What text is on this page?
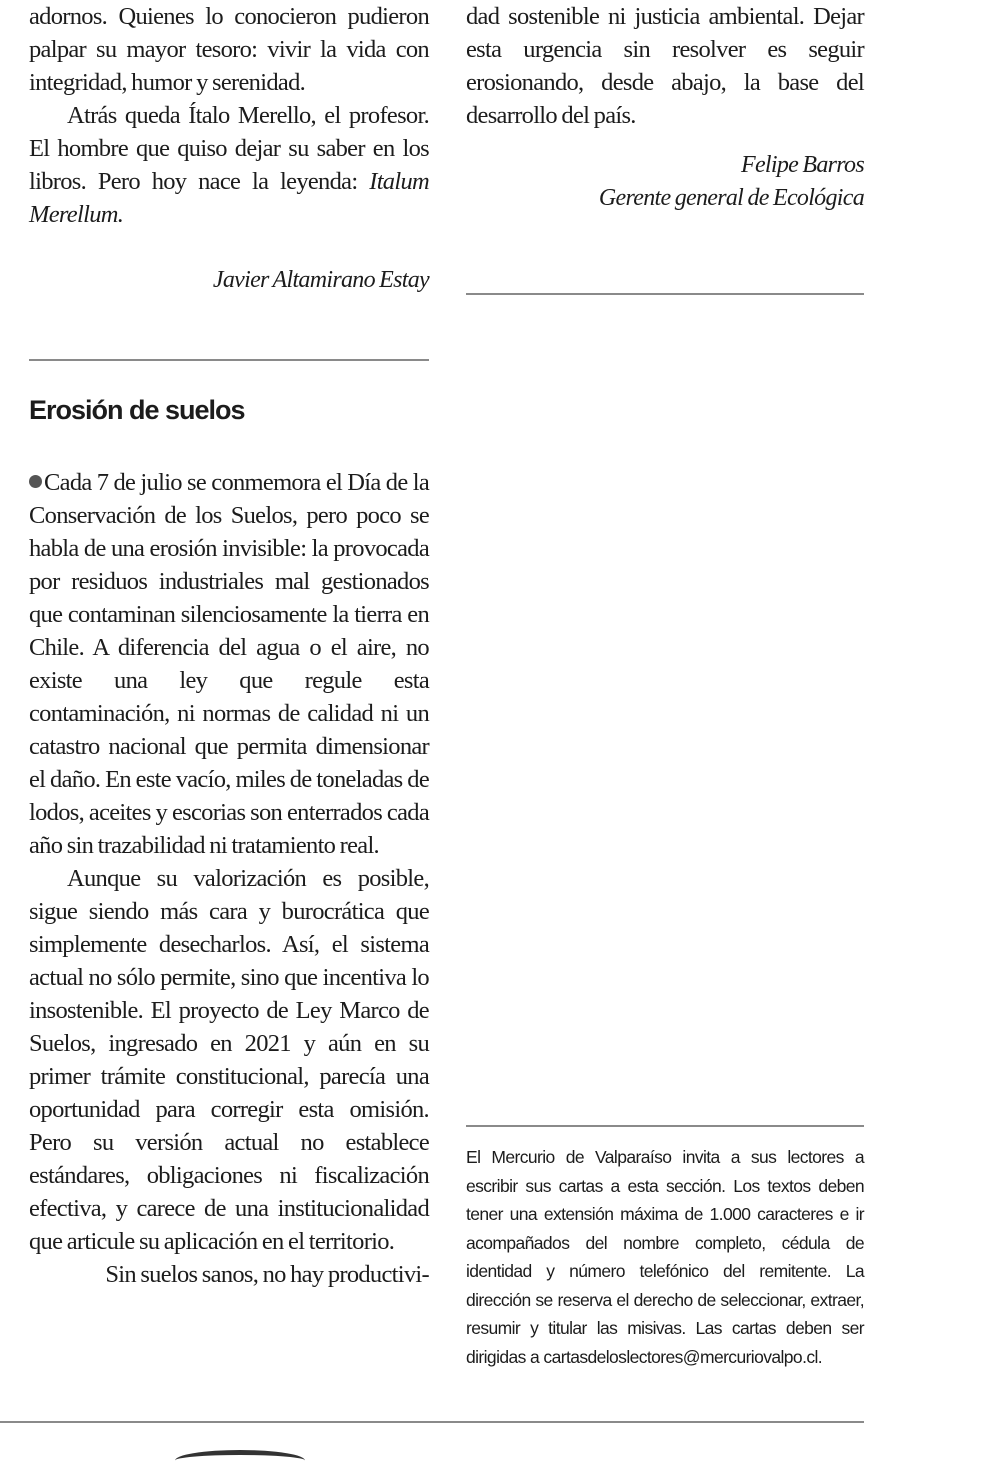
adornos. Quienes lo conocieron pudieron palpar su mayor tesoro: vivir la vida con integridad, humor y serenidad.

Atrás queda Ítalo Merello, el profesor. El hombre que quiso dejar su saber en los libros. Pero hoy nace la leyenda: Italum Merellum.

Javier Altamirano Estay

Erosión de suelos

Cada 7 de julio se conmemora el Día de la Conservación de los Suelos, pero poco se habla de una erosión invisible: la provocada por residuos industriales mal gestionados que contaminan silenciosamente la tierra en Chile. A diferencia del agua o el aire, no existe una ley que regule esta contaminación, ni normas de calidad ni un catastro nacional que permita dimensionar el daño. En este vacío, miles de toneladas de lodos, aceites y escorias son enterrados cada año sin trazabilidad ni tratamiento real.

Aunque su valorización es posible, sigue siendo más cara y burocrática que simplemente desecharlos. Así, el sistema actual no sólo permite, sino que incentiva lo insostenible. El proyecto de Ley Marco de Suelos, ingresado en 2021 y aún en su primer trámite constitucional, parecía una oportunidad para corregir esta omisión. Pero su versión actual no establece estándares, obligaciones ni fiscalización efectiva, y carece de una institucionalidad que articule su aplicación en el territorio.

Sin suelos sanos, no hay productivi-

dad sostenible ni justicia ambiental. Dejar esta urgencia sin resolver es seguir erosionando, desde abajo, la base del desarrollo del país.

Felipe Barros

Gerente general de Ecológica

El Mercurio de Valparaíso invita a sus lectores a escribir sus cartas a esta sección. Los textos deben tener una extensión máxima de 1.000 caracteres e ir acompañados del nombre completo, cédula de identidad y número telefónico del remitente. La dirección se reserva el derecho de seleccionar, extraer, resumir y titular las misivas. Las cartas deben ser dirigidas a cartasdeloslectores@mercuriovalpo.cl.
